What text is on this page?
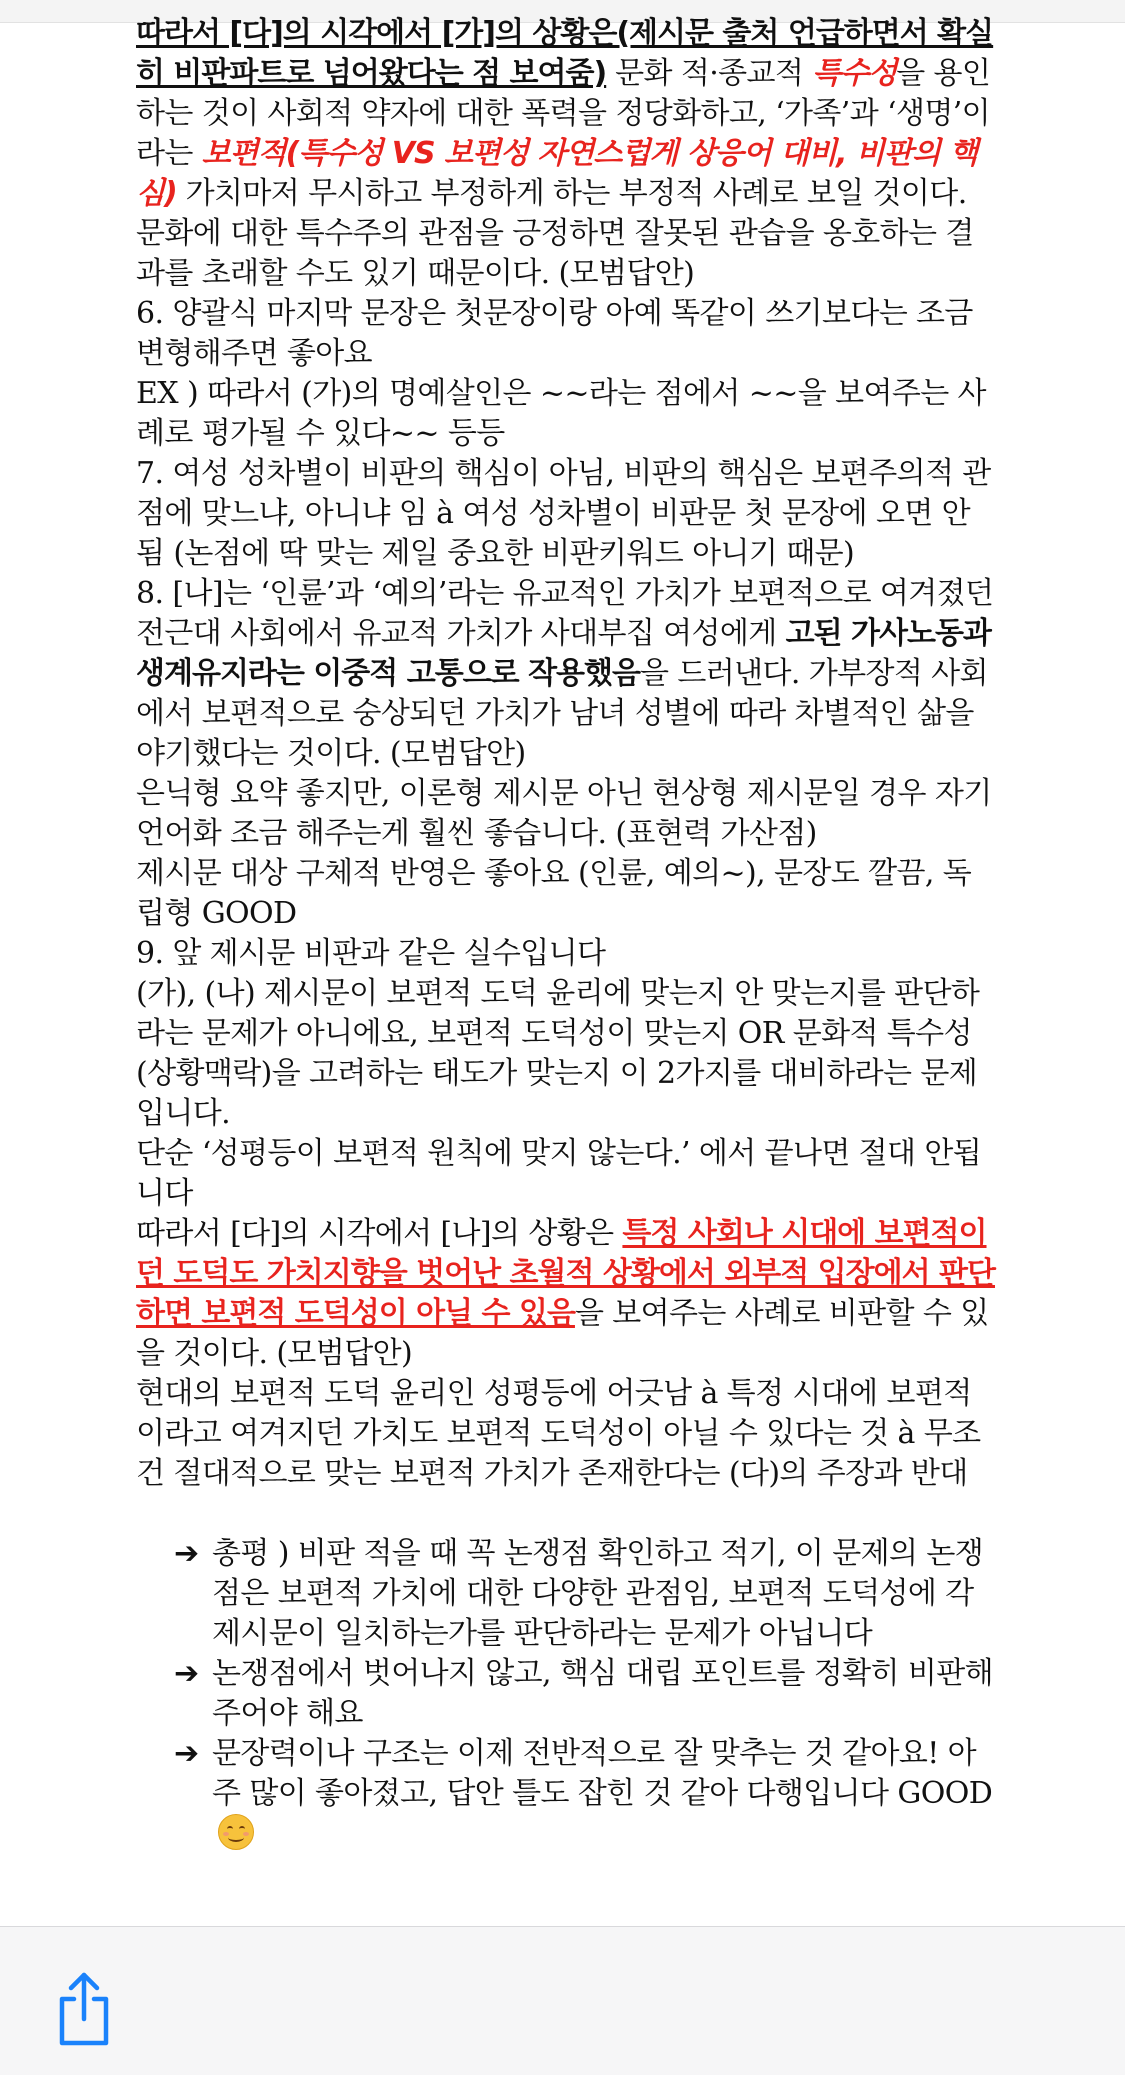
따라서 [다]의 시각에서 [가]의 상황은(제시문 출처 언급하면서 확실히 비판파트로 넘어왔다는 점 보여줌) 문화 적·종교적 특수성을 용인하는 것이 사회적 약자에 대한 폭력을 정당화하고, ‘가족’과 ‘생명’이라는 보편적(특수성 VS 보편성 자연스럽게 상응어 대비, 비판의 핵심) 가치마저 무시하고 부정하게 하는 부정적 사례로 보일 것이다. 문화에 대한 특수주의 관점을 긍정하면 잘못된 관습을 옹호하는 결과를 초래할 수도 있기 때문이다. (모범답안)

6. 양괄식 마지막 문장은 첫문장이랑 아예 똑같이 쓰기보다는 조금 변형해주면 좋아요

EX ) 따라서 (가)의 명예살인은 ~~라는 점에서 ~~을 보여주는 사례로 평가될 수 있다~~ 등등

7. 여성 성차별이 비판의 핵심이 아님, 비판의 핵심은 보편주의적 관점에 맞느냐, 아니냐 임 à 여성 성차별이 비판문 첫 문장에 오면 안됨 (논점에 딱 맞는 제일 중요한 비판키워드 아니기 때문)

8. [나]는 ‘인륜’과 ‘예의’라는 유교적인 가치가 보편적으로 여겨졌던 전근대 사회에서 유교적 가치가 사대부집 여성에게 고된 가사노동과 생계유지라는 이중적 고통으로 작용했음을 드러낸다. 가부장적 사회에서 보편적으로 숭상되던 가치가 남녀 성별에 따라 차별적인 삶을 야기했다는 것이다. (모범답안)

은닉형 요약 좋지만, 이론형 제시문 아닌 현상형 제시문일 경우 자기언어화 조금 해주는게 훨씬 좋습니다. (표현력 가산점)

제시문 대상 구체적 반영은 좋아요 (인륜, 예의~), 문장도 깔끔, 독립형 GOOD

9. 앞 제시문 비판과 같은 실수입니다

(가), (나) 제시문이 보편적 도덕 윤리에 맞는지 안 맞는지를 판단하라는 문제가 아니에요, 보편적 도덕성이 맞는지 OR 문화적 특수성 (상황맥락)을 고려하는 태도가 맞는지 이 2가지를 대비하라는 문제입니다.

단순 ‘성평등이 보편적 원칙에 맞지 않는다.’ 에서 끝나면 절대 안됩니다

따라서 [다]의 시각에서 [나]의 상황은 특정 사회나 시대에 보편적이던 도덕도 가치지향을 벗어난 초월적 상황에서 외부적 입장에서 판단하면 보편적 도덕성이 아닐 수 있음을 보여주는 사례로 비판할 수 있을 것이다. (모범답안)

현대의 보편적 도덕 윤리인 성평등에 어긋남 à 특정 시대에 보편적이라고 여겨지던 가치도 보편적 도덕성이 아닐 수 있다는 것 à 무조건 절대적으로 맞는 보편적 가치가 존재한다는 (다)의 주장과 반대

➔ 총평 ) 비판 적을 때 꼭 논쟁점 확인하고 적기, 이 문제의 논쟁점은 보편적 가치에 대한 다양한 관점임, 보편적 도덕성에 각 제시문이 일치하는가를 판단하라는 문제가 아닙니다
➔ 논쟁점에서 벗어나지 않고, 핵심 대립 포인트를 정확히 비판해주어야 해요
➔ 문장력이나 구조는 이제 전반적으로 잘 맞추는 것 같아요! 아주 많이 좋아졌고, 답안 틀도 잡힌 것 같아 다행입니다 GOOD
